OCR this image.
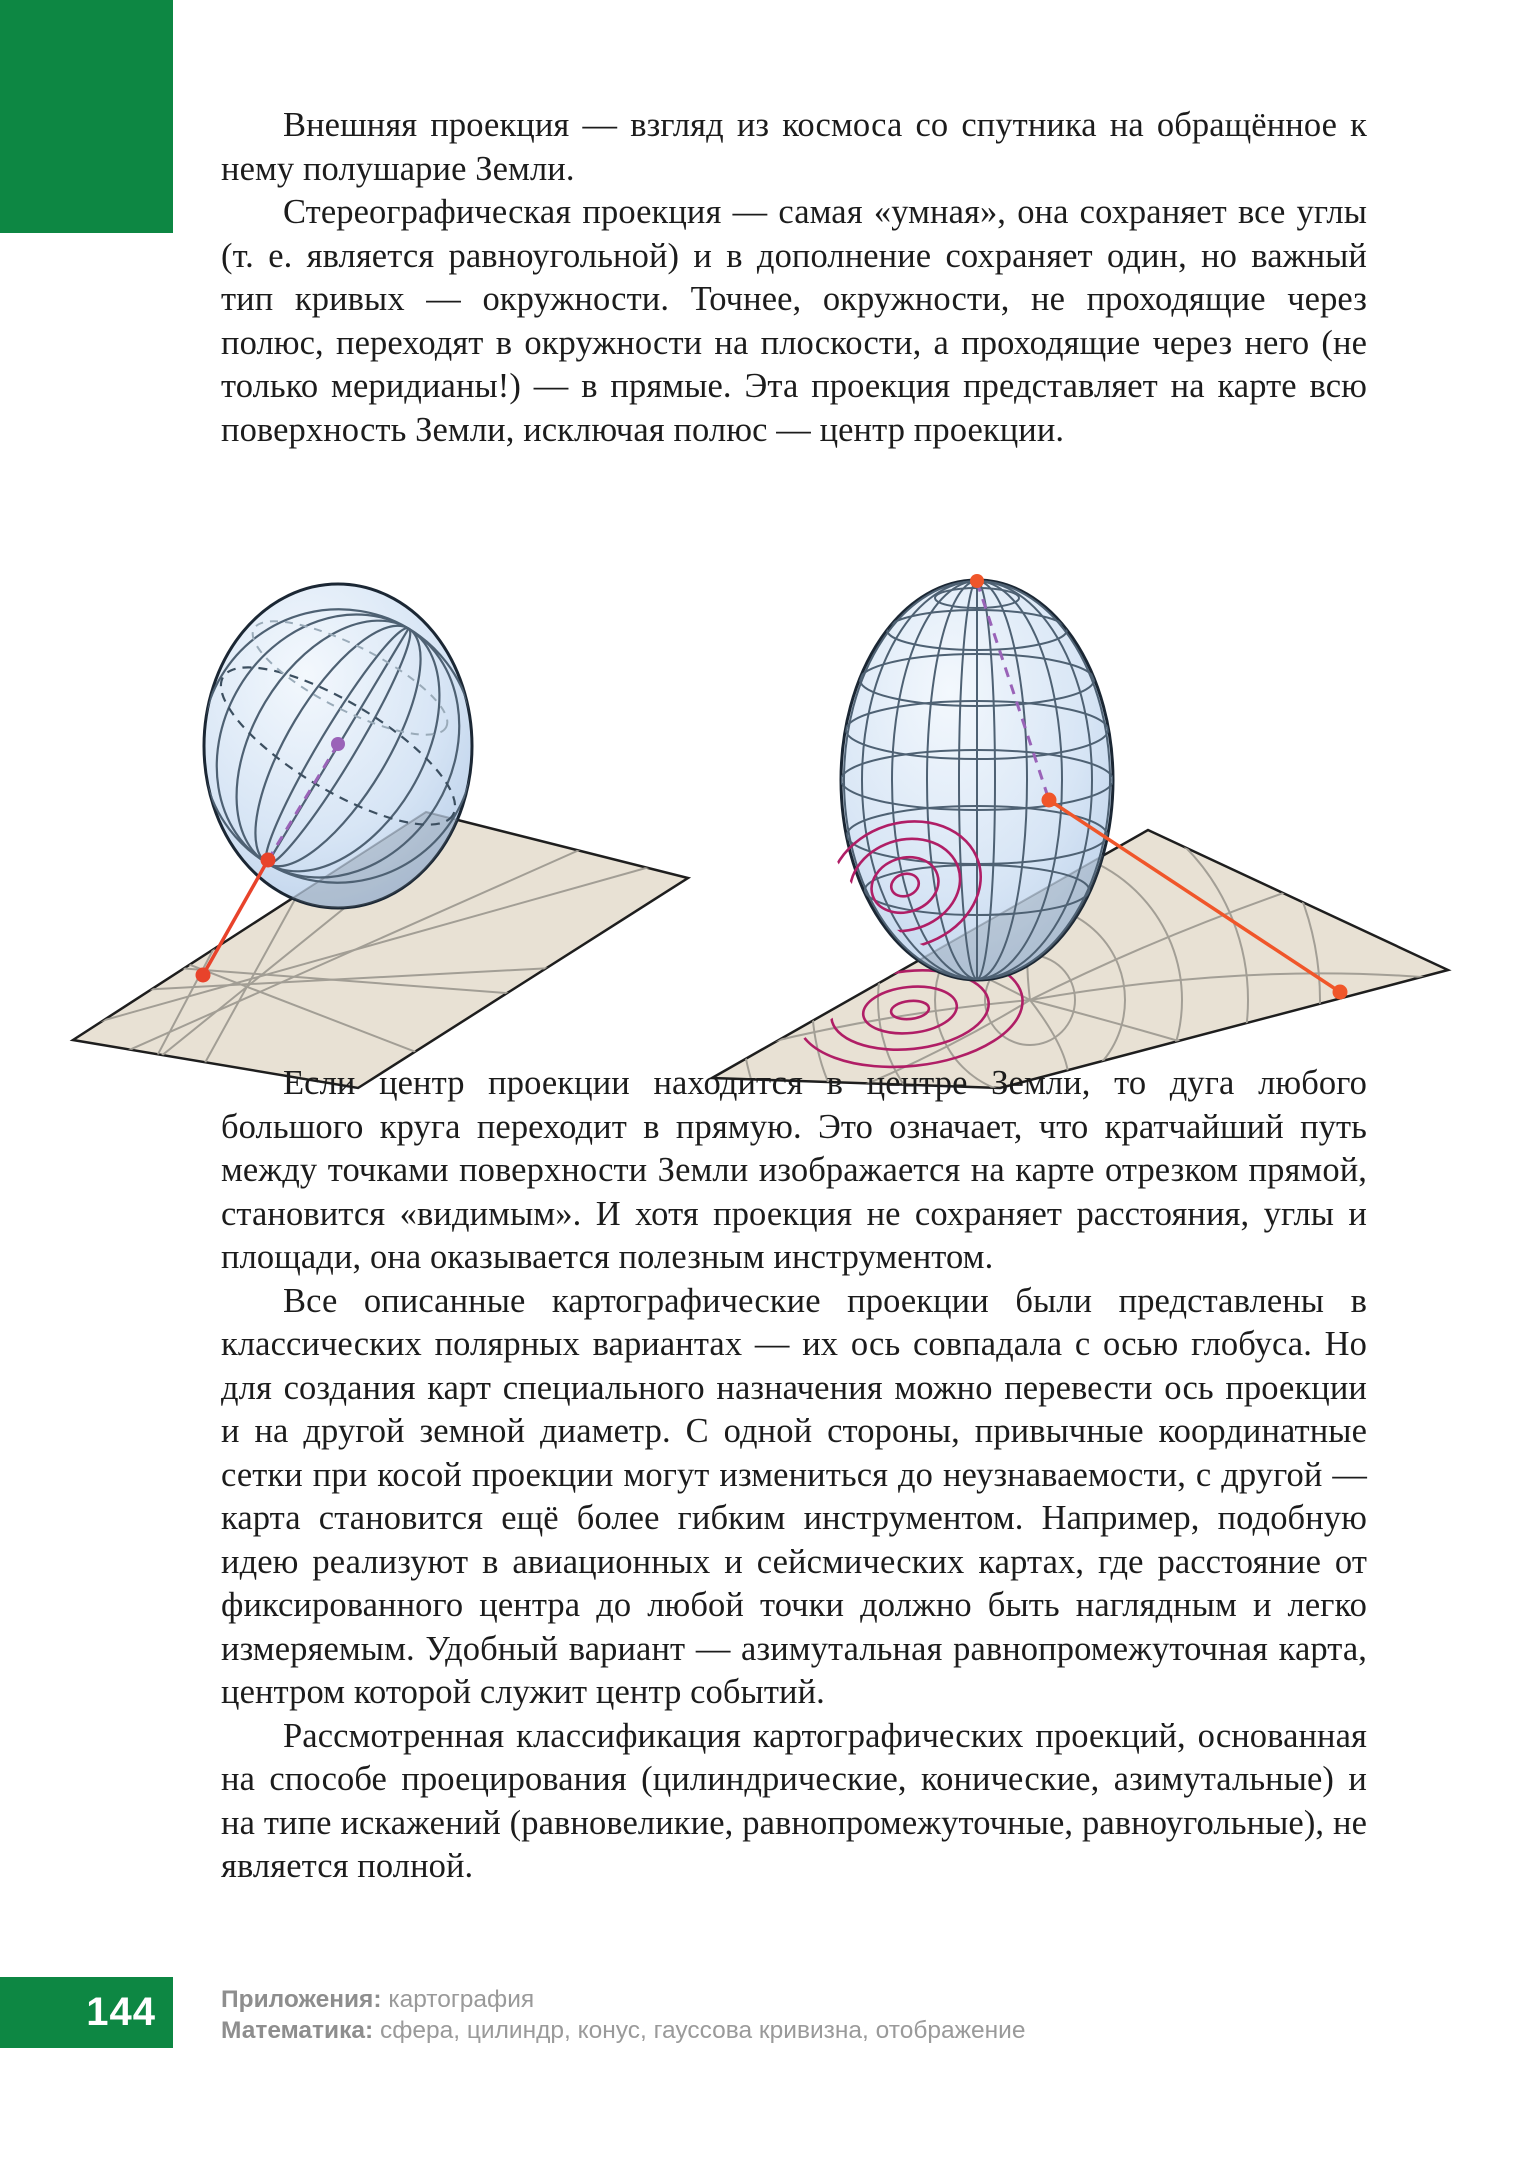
Внешняя проекция — взгляд из космоса со спутника на обращённое к нему полушарие Земли.

Стереографическая проекция — самая «умная», она сохраняет все углы (т. е. является равноугольной) и в дополнение сохраняет один, но важный тип кривых — окружности. Точнее, окружности, не проходящие через полюс, переходят в окружности на плоскости, а проходящие через него (не только меридианы!) — в прямые. Эта проекция представляет на карте всю поверхность Земли, исключая полюс — центр проекции.

Если центр проекции находится в центре Земли, то дуга любого большого круга переходит в прямую. Это означает, что кратчайший путь между точками поверхности Земли изображается на карте отрезком прямой, становится «видимым». И хотя проекция не сохраняет расстояния, углы и площади, она оказывается полезным инструментом.

Все описанные картографические проекции были представлены в классических полярных вариантах — их ось совпадала с осью глобуса. Но для создания карт специального назначения можно перевести ось проекции и на другой земной диаметр. С одной стороны, привычные координатные сетки при косой проекции могут измениться до неузнаваемости, с другой — карта становится ещё более гибким инструментом. Например, подобную идею реализуют в авиационных и сейсмических картах, где расстояние от фиксированного центра до любой точки должно быть наглядным и легко измеряемым. Удобный вариант — азимутальная равнопромежуточная карта, центром которой служит центр событий.

Рассмотренная классификация картографических проекций, основанная на способе проецирования (цилиндрические, конические, азимутальные) и на типе искажений (равновеликие, равнопромежуточные, равноугольные), не является полной.

144	Приложения: картография
Математика: сфера, цилиндр, конус, гауссова кривизна, отображение
